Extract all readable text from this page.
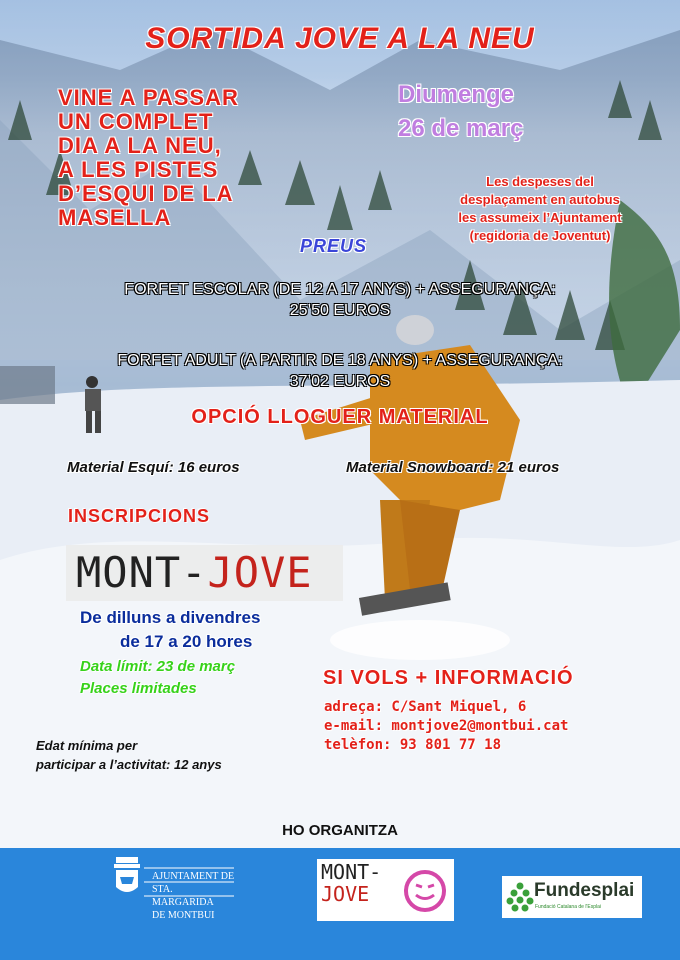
SORTIDA JOVE A LA NEU
VINE A PASSAR
UN COMPLET
DIA A LA NEU,
A LES PISTES
D’ESQUI DE LA
MASELLA
Diumenge
26 de març
Les despeses del
desplaçament en autobus
les assumeix l’Ajuntament
(regidoria de Joventut)
PREUS
FORFET ESCOLAR (DE 12 A 17 ANYS) + ASSEGURANÇA:
25’50 EUROS
FORFET ADULT (A PARTIR DE 18 ANYS) + ASSEGURANÇA:
37’02 EUROS
OPCIÓ LLOGUER MATERIAL
Material Esquí: 16 euros	Material Snowboard: 21 euros
INSCRIPCIONS
MONT-JOVE
De dilluns a divendres
de 17 a 20 hores
Data límit: 23 de març
Places limitades
Edat mínima per
participar a l’activitat: 12 anys
SI VOLS + INFORMACIÓ
adreça: C/Sant Miquel, 6
e-mail: montjove2@montbui.cat
telèfon: 93 801 77 18
HO ORGANITZA
AJUNTAMENT DE
STA. MARGARIDA
DE MONTBUI
MONT-
JOVE	Fundesplai
Fundació Catalana de l'Esplai
